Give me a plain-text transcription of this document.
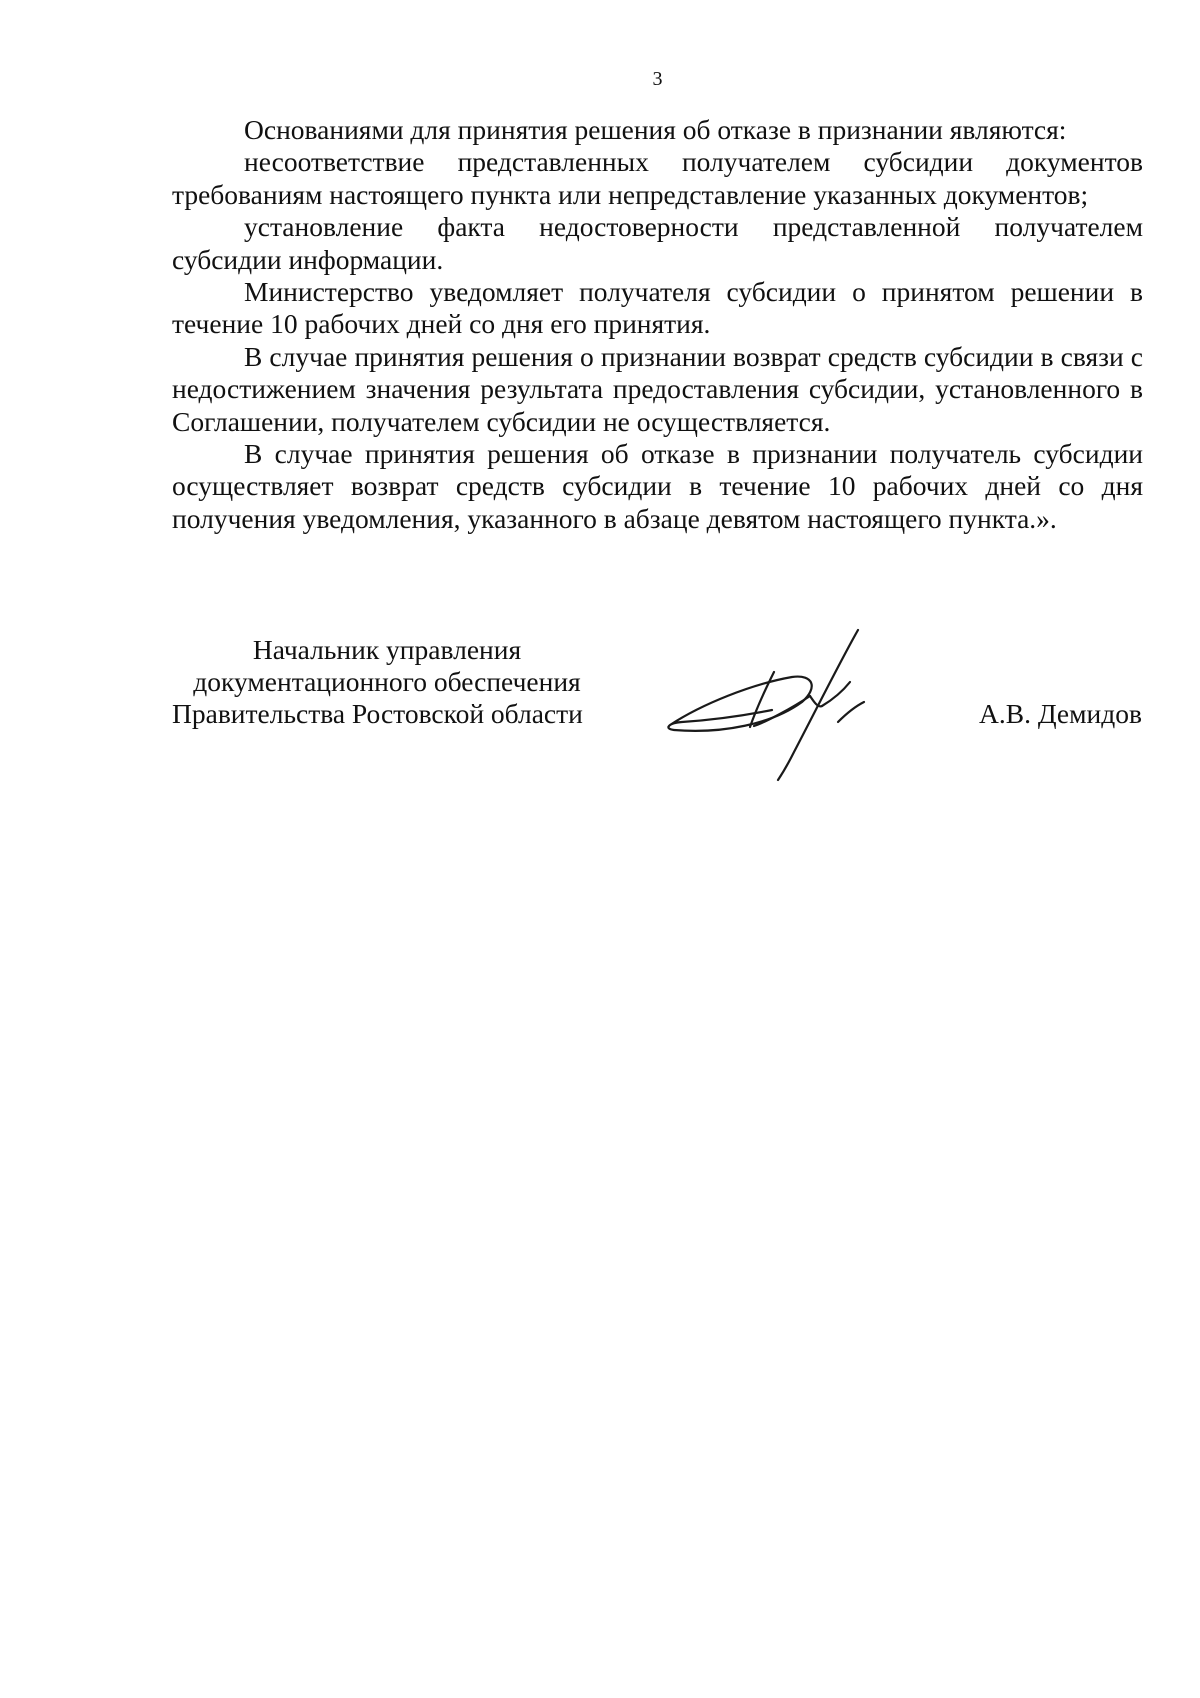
3

Основаниями для принятия решения об отказе в признании являются:

несоответствие представленных получателем субсидии документов требованиям настоящего пункта или непредставление указанных документов;

установление факта недостоверности представленной получателем субсидии информации.

Министерство уведомляет получателя субсидии о принятом решении в течение 10 рабочих дней со дня его принятия.

В случае принятия решения о признании возврат средств субсидии в связи с недостижением значения результата предоставления субсидии, установленного в Соглашении, получателем субсидии не осуществляется.

В случае принятия решения об отказе в признании получатель субсидии осуществляет возврат средств субсидии в течение 10 рабочих дней со дня получения уведомления, указанного в абзаце девятом настоящего пункта.».

Начальник управления
документационного обеспечения
Правительства Ростовской области	А.В. Демидов
